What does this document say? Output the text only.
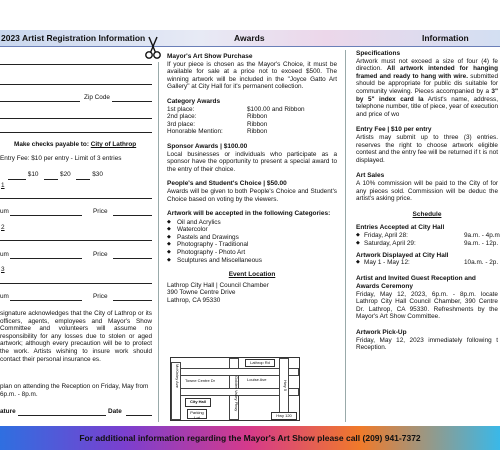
2023 Artist Registration Information	Awards	Information
Zip Code
Make checks payable to: City of Lathrop
Entry Fee: $10 per entry - Limit of 3 entries
$10	$20	$30
1
um	Price
2
um	Price
3
um	Price
signature acknowledges that the City of Lathrop or its officers, agents, employees and Mayor's Show Committee and volunteers will assume no responsibility for any losses due to stolen or aged artwork; although every precaution will be to protect the work. Artists wishing to insure work should contact their personal insurance es.
plan on attending the Reception on Friday, May from 6p.m. - 8p.m.
ature	Date

Mayor's Art Show Purchase

If your piece is chosen as the Mayor's Choice, it must be available for sale at a price not to exceed $500. The winning artwork will be included in the "Joyce Gatto Art Gallery" at City Hall for it's permanent collection.

Category Awards

1st place:	$100.00 and Ribbon
2nd place:	Ribbon
3rd place:	Ribbon
Honorable Mention:	Ribbon

Sponsor Awards | $100.00

Local businesses or individuals who participate as a sponsor have the opportunity to present a special award to the entry of their choice.

People's and Student's Choice | $50.00

Awards will be given to both People's Choice and Student's Choice based on voting by the viewers.

Artwork will be accepted in the following Categories:

◆ Oil and Acrylics
◆ Watercolor
◆ Pastels and Drawings
◆ Photography - Traditional
◆ Photography - Photo Art
◆ Sculptures and Miscellaneous

Event Location

Lathrop City Hall | Council Chamber

390 Towne Centre Drive

Lathrop, CA 95330

Lathrop Rd
Louise Ave
Towne Centre Dr
City Hall
Parking Lot
Golden Valley Pkwy	Hwy 5
McKinley Ave
Hwy 120

Specifications

Artwork must not exceed a size of four (4) fe direction. All artwork intended for hanging framed and ready to hang with wire. submitted should be appropriate for public dis suitable for community viewing. Pieces accompanied by a 3" by 5" index card la Artist's name, address, telephone number, title of piece, year of execution and price of wo

Entry Fee | $10 per entry

Artists may submit up to three (3) entries. reserves the right to choose artwork eligible contest and the entry fee will be returned if t is not displayed.

Art Sales

A 10% commission will be paid to the City of for any pieces sold. Commission will be deduc the artist's asking price.

Schedule

Entries Accepted at City Hall

◆ Friday, April 28:	9a.m. - 4p.m
◆ Saturday, April 29:	9a.m. - 12p.

Artwork Displayed at City Hall

◆ May 1 - May 12:	10a.m. - 2p.

Artist and Invited Guest Reception and Awards Ceremony

Friday, May 12, 2023, 6p.m. - 8p.m. locate Lathrop City Hall Council Chamber, 390 Centre Dr. Lathrop, CA 95330. Refreshments by the Mayor's Art Show Committee.

Artwork Pick-Up

Friday, May 12, 2023 immediately following t Reception.

For additional information regarding the Mayor's Art Show please call (209) 941-7372
